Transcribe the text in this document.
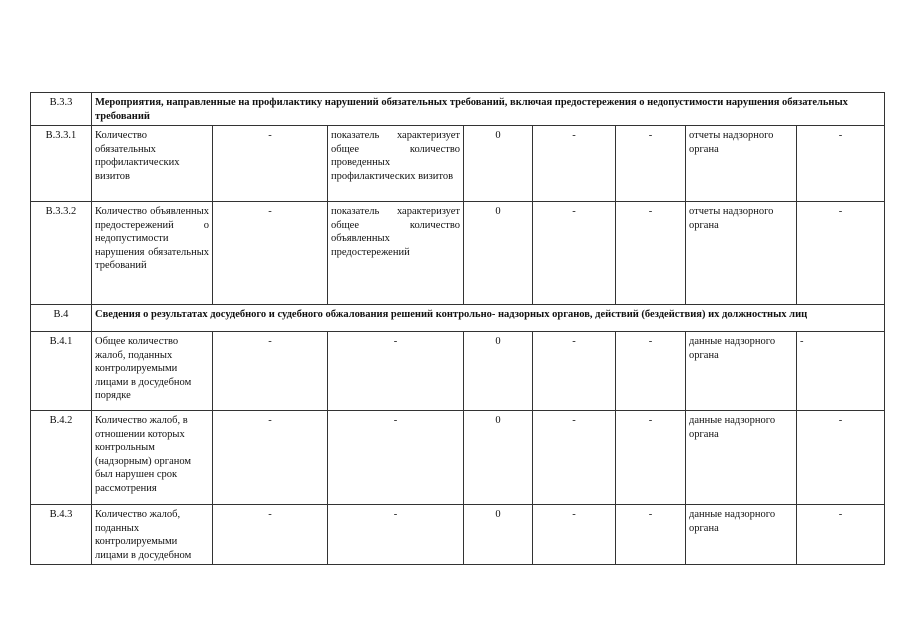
В.3.3	Мероприятия, направленные на профилактику нарушений обязательных требований, включая предостережения о недопустимости нарушения обязательных требований							
В.3.3.1	Количество обязательных профилактических визитов	-	показатель характеризует общее количество проведенных профилактических визитов	0	-	-	отчеты надзорного органа	-
В.3.3.2	Количество объявленных предостережений о недопустимости нарушения обязательных требований	-	показатель характеризует общее количество объявленных предостережений	0	-	-	отчеты надзорного органа	-
В.4	Сведения о результатах досудебного и судебного обжалования решений контрольно- надзорных органов, действий (бездействия) их должностных лиц							
В.4.1	Общее количество жалоб, поданных контролируемыми лицами в досудебном порядке	-	-	0	-	-	данные надзорного органа	-
В.4.2	Количество жалоб, в отношении которых контрольным (надзорным) органом был нарушен срок рассмотрения	-	-	0	-	-	данные надзорного органа	-
В.4.3	Количество жалоб, поданных контролируемыми лицами в досудебном	-	-	0	-	-	данные надзорного органа	-
